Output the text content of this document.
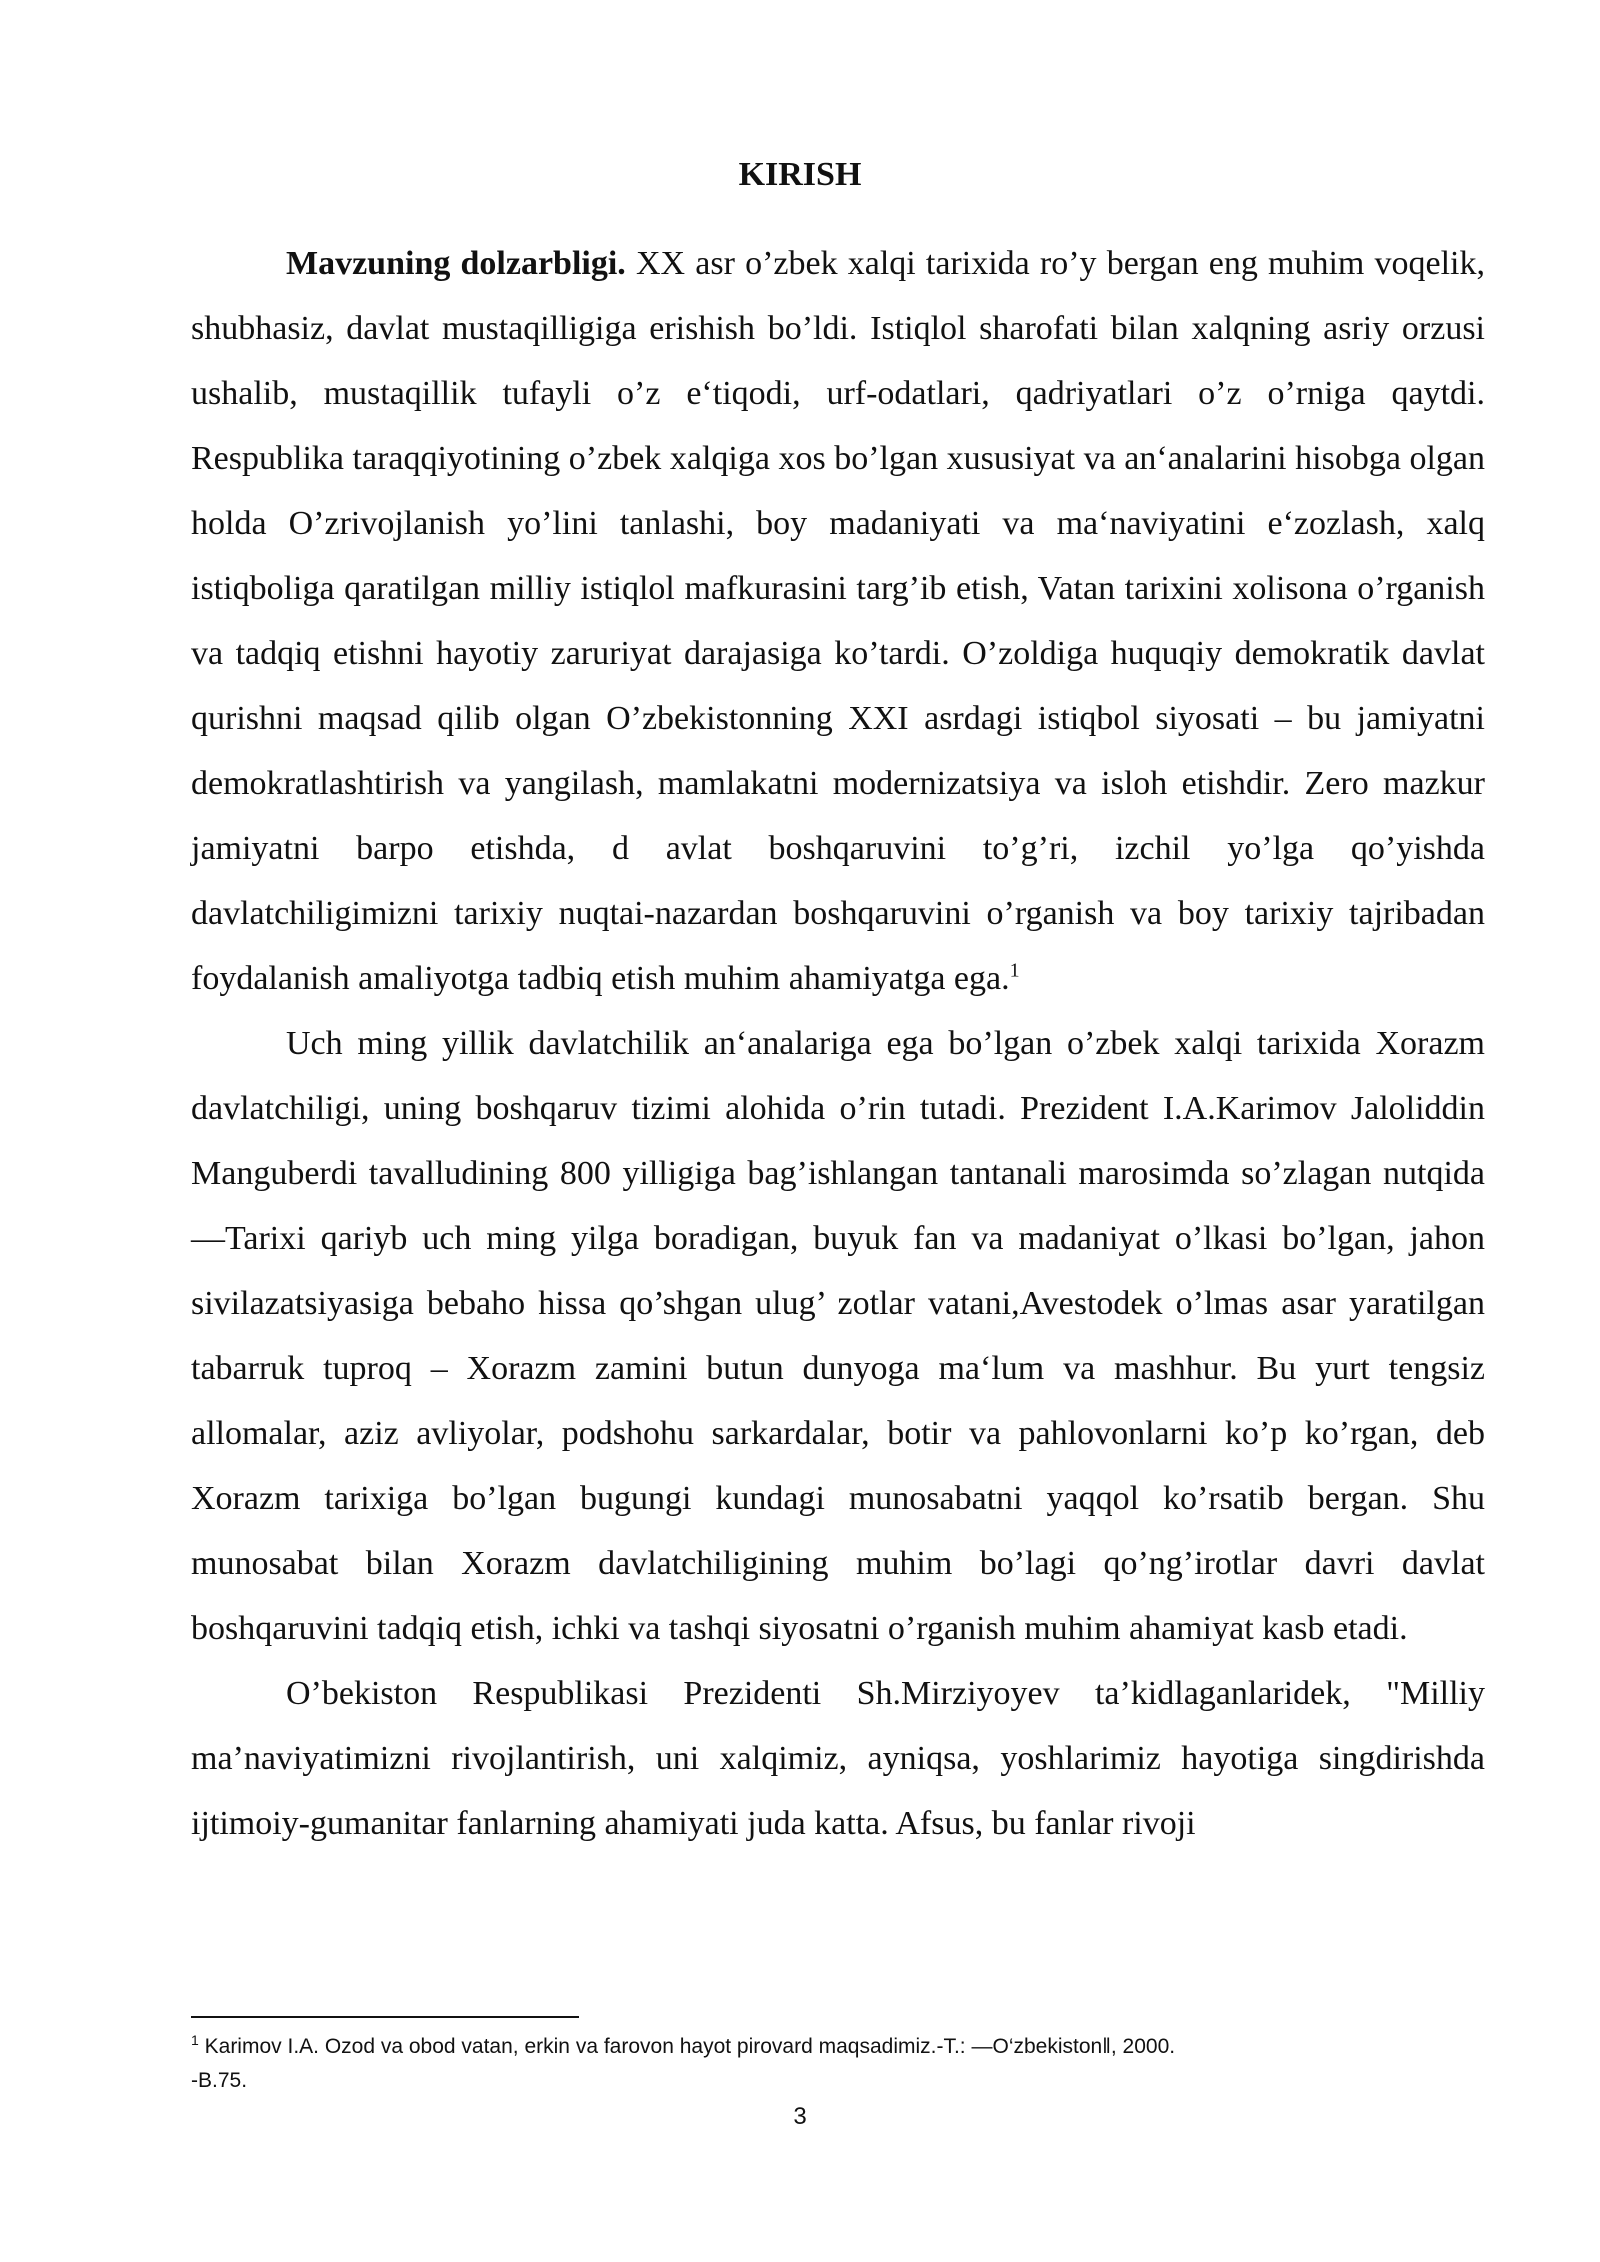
KIRISH

Mavzuning dolzarbligi. XX asr o’zbek xalqi tarixida ro’y bergan eng muhim voqelik, shubhasiz, davlat mustaqilligiga erishish bo’ldi. Istiqlol sharofati bilan xalqning asriy orzusi ushalib, mustaqillik tufayli o’z e‘tiqodi, urf-odatlari, qadriyatlari o’z o’rniga qaytdi. Respublika taraqqiyotining o’zbek xalqiga xos bo’lgan xususiyat va an‘analarini hisobga olgan holda O’zrivojlanish yo’lini tanlashi, boy madaniyati va ma‘naviyatini e‘zozlash, xalq istiqboliga qaratilgan milliy istiqlol mafkurasini targ’ib etish, Vatan tarixini xolisona o’rganish va tadqiq etishni hayotiy zaruriyat darajasiga ko’tardi. O’zoldiga huquqiy demokratik davlat qurishni maqsad qilib olgan O’zbekistonning XXI asrdagi istiqbol siyosati – bu jamiyatni demokratlashtirish va yangilash, mamlakatni modernizatsiya va isloh etishdir. Zero mazkur jamiyatni barpo etishda, d avlat boshqaruvini to’g’ri, izchil yo’lga qo’yishda davlatchiligimizni tarixiy nuqtai-nazardan boshqaruvini o’rganish va boy tarixiy tajribadan foydalanish amaliyotga tadbiq etish muhim ahamiyatga ega.$^1$

Uch ming yillik davlatchilik an‘analariga ega bo’lgan o’zbek xalqi tarixida Xorazm davlatchiligi, uning boshqaruv tizimi alohida o’rin tutadi. Prezident I.A.Karimov Jaloliddin Manguberdi tavalludining 800 yilligiga bag’ishlangan tantanali marosimda so’zlagan nutqida ―Tarixi qariyb uch ming yilga boradigan, buyuk fan va madaniyat o’lkasi bo’lgan, jahon sivilazatsiyasiga bebaho hissa qo’shgan ulug’ zotlar vatani,Avestodek o’lmas asar yaratilgan tabarruk tuproq – Xorazm zamini butun dunyoga ma‘lum va mashhur. Bu yurt tengsiz allomalar, aziz avliyolar, podshohu sarkardalar, botir va pahlovonlarni ko’p ko’rgan, deb Xorazm tarixiga bo’lgan bugungi kundagi munosabatni yaqqol ko’rsatib bergan. Shu munosabat bilan Xorazm davlatchiligining muhim bo’lagi qo’ng’irotlar davri davlat boshqaruvini tadqiq etish, ichki va tashqi siyosatni o’rganish muhim ahamiyat kasb etadi.

O’bekiston Respublikasi Prezidenti Sh.Mirziyoyev ta’kidlaganlaridek, "Milliy ma’naviyatimizni rivojlantirish, uni xalqimiz, ayniqsa, yoshlarimiz hayotiga singdirishda ijtimoiy-gumanitar fanlarning ahamiyati juda katta. Afsus, bu fanlar rivoji

$^1$ Karimov I.A. Ozod va obod vatan, erkin va farovon hayot pirovard maqsadimiz.-T.: ―O‘zbekiston‖, 2000.
-B.75.
3
